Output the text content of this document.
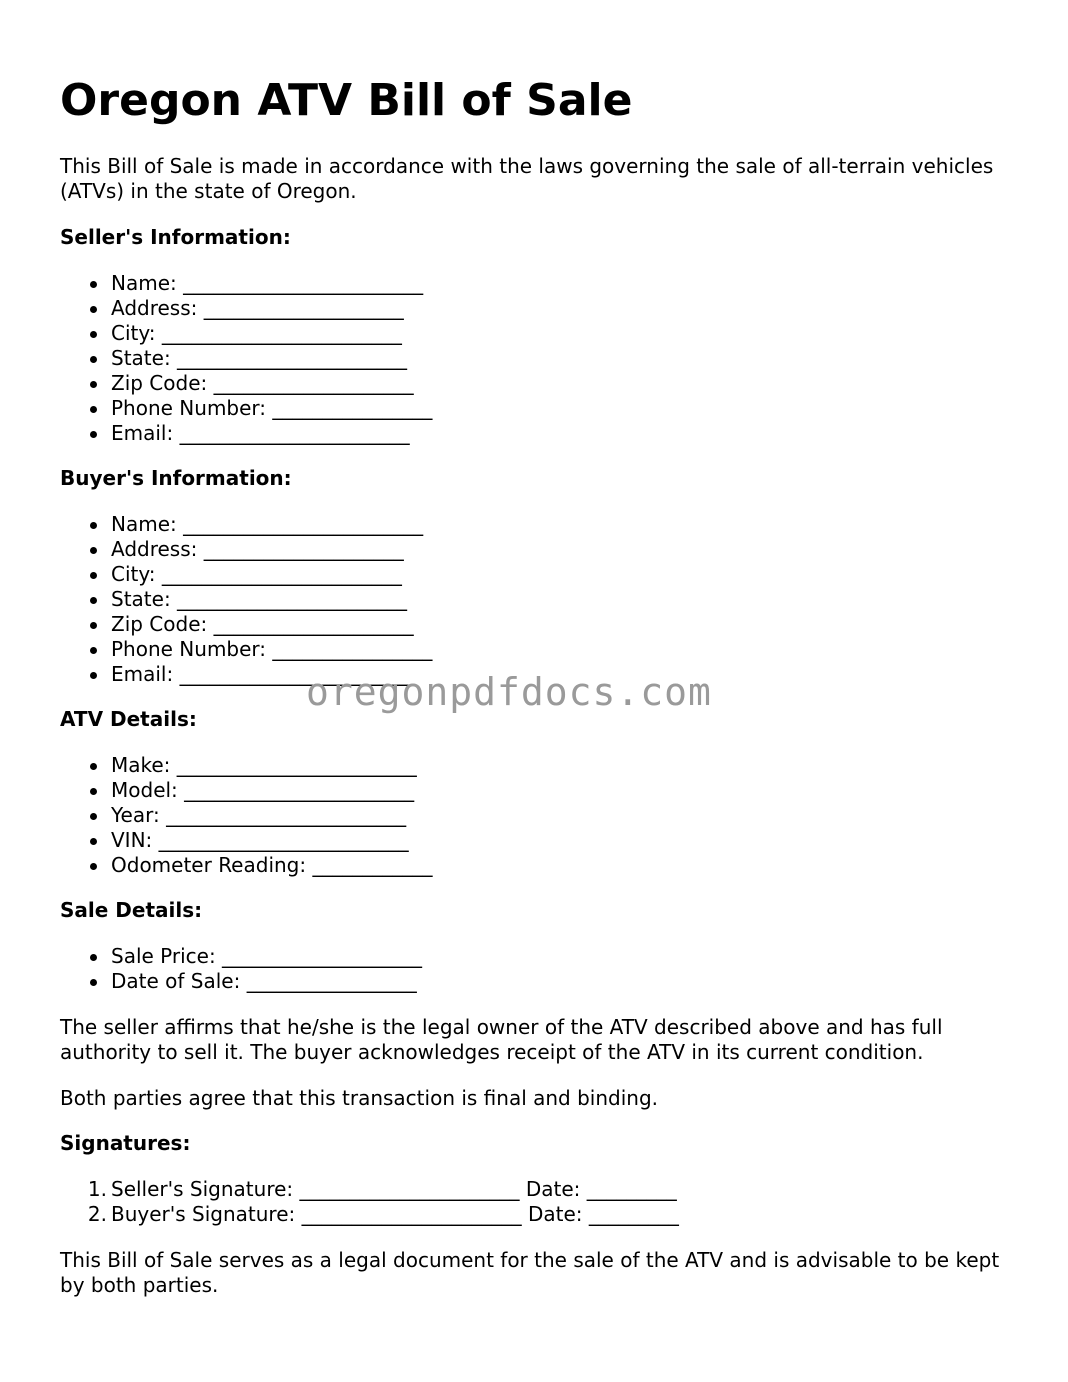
Oregon ATV Bill of Sale

This Bill of Sale is made in accordance with the laws governing the sale of all-terrain vehicles (ATVs) in the state of Oregon.

Seller's Information:
Name: ________________________
Address: ____________________
City: ________________________
State: _______________________
Zip Code: ____________________
Phone Number: ________________
Email: _______________________
Buyer's Information:
Name: ________________________
Address: ____________________
City: ________________________
State: _______________________
Zip Code: ____________________
Phone Number: ________________
Email: _______________________
ATV Details:
Make: ________________________
Model: _______________________
Year: ________________________
VIN: _________________________
Odometer Reading: ____________
Sale Details:
Sale Price: ____________________
Date of Sale: _________________

The seller affirms that he/she is the legal owner of the ATV described above and has full authority to sell it. The buyer acknowledges receipt of the ATV in its current condition.

Both parties agree that this transaction is final and binding.

Signatures:
1. Seller's Signature: ______________________ Date: _________
2. Buyer's Signature: ______________________ Date: _________

This Bill of Sale serves as a legal document for the sale of the ATV and is advisable to be kept by both parties.

oregonpdfdocs.com
